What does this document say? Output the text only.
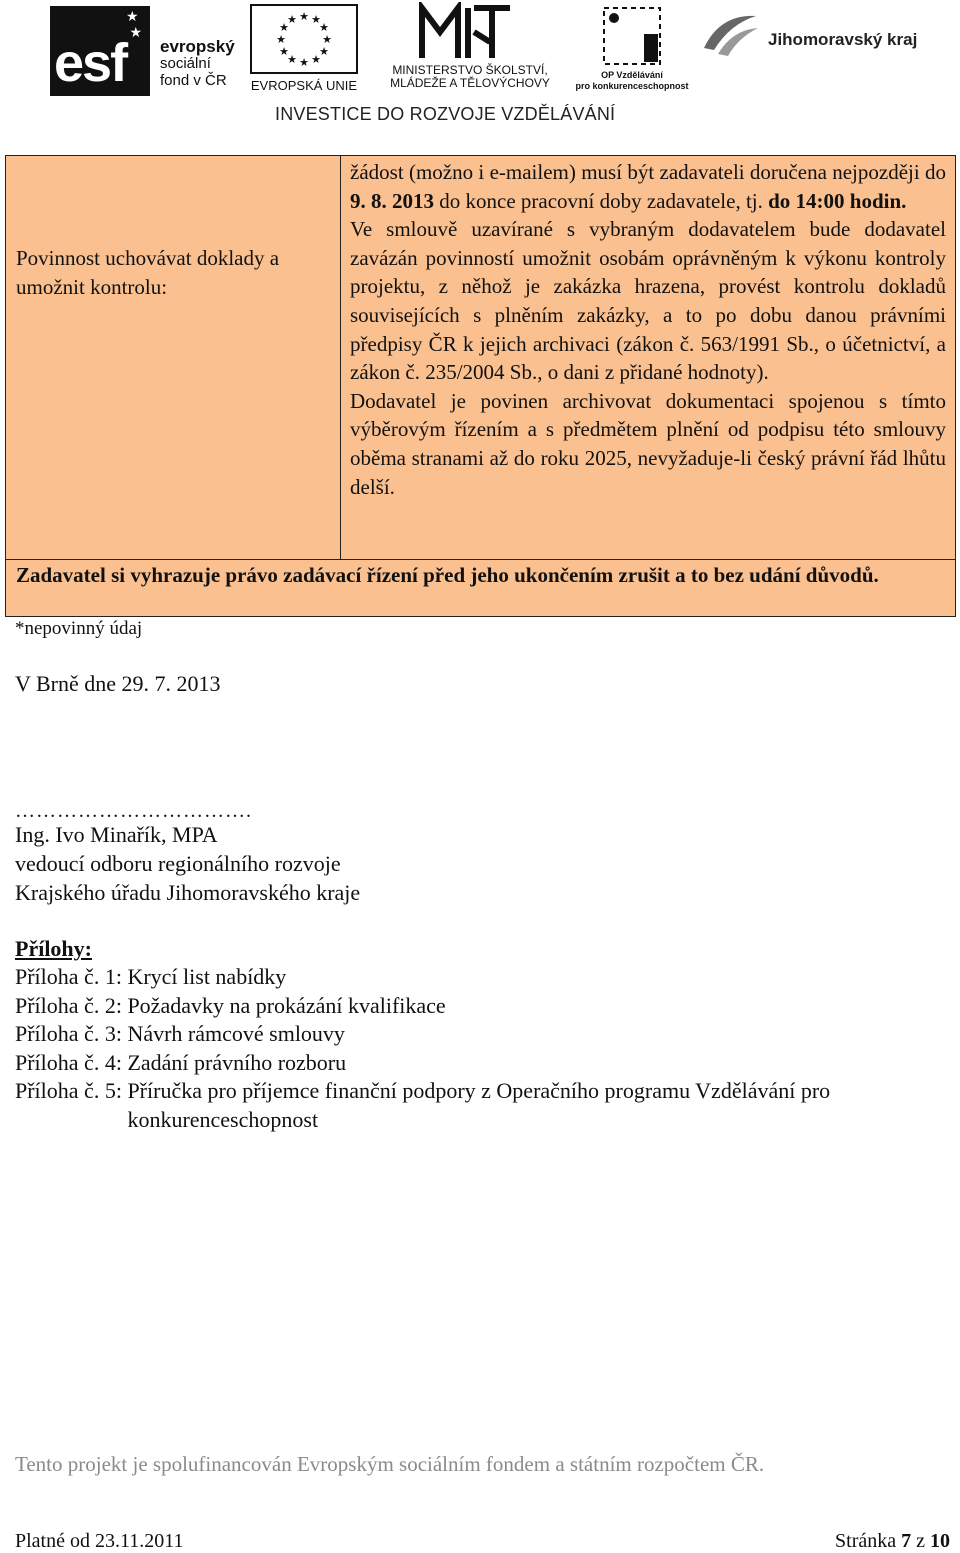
★
★
esf evropský
sociální
fond v ČR
★ ★
★
★
★
★
★
★
★
★
★
★
EVROPSKÁ UNIE
MINISTERSTVO ŠKOLSTVÍ,
MLÁDEŽE A TĚLOVÝCHOVY
OP Vzdělávání
pro konkurenceschopnost
Jihomoravský kraj
INVESTICE DO ROZVOJE VZDĚLÁVÁNÍ
Povinnost uchovávat doklady a umožnit kontrolu:

žádost (možno i e-mailem) musí být zadavateli doručena nejpozději do 9. 8. 2013 do konce pracovní doby zadavatele, tj. do 14:00 hodin.

Ve smlouvě uzavírané s vybraným dodavatelem bude dodavatel zavázán povinností umožnit osobám oprávněným k výkonu kontroly projektu, z něhož je zakázka hrazena, provést kontrolu dokladů souvisejících s plněním zakázky, a to po dobu danou právními předpisy ČR k jejich archivaci (zákon č. 563/1991 Sb., o účetnictví, a zákon č. 235/2004 Sb., o dani z přidané hodnoty).

Dodavatel je povinen archivovat dokumentaci spojenou s tímto výběrovým řízením a s předmětem plnění od podpisu této smlouvy oběma stranami až do roku 2025, nevyžaduje-li český právní řád lhůtu delší.

Zadavatel si vyhrazuje právo zadávací řízení před jeho ukončením zrušit a to bez udání důvodů.
*nepovinný údaj
V Brně dne 29. 7. 2013
…………………………….
Ing. Ivo Minařík, MPA
vedoucí odboru regionálního rozvoje
Krajského úřadu Jihomoravského kraje
Přílohy:
Příloha č. 1: Krycí list nabídky
Příloha č. 2: Požadavky na prokázání kvalifikace
Příloha č. 3: Návrh rámcové smlouvy
Příloha č. 4: Zadání právního rozboru
Příloha č. 5: Příručka pro příjemce finanční podpory z Operačního programu Vzdělávání pro konkurenceschopnost
Tento projekt je spolufinancován Evropským sociálním fondem a státním rozpočtem ČR.
Platné od 23.11.2011	Stránka 7 z 10
